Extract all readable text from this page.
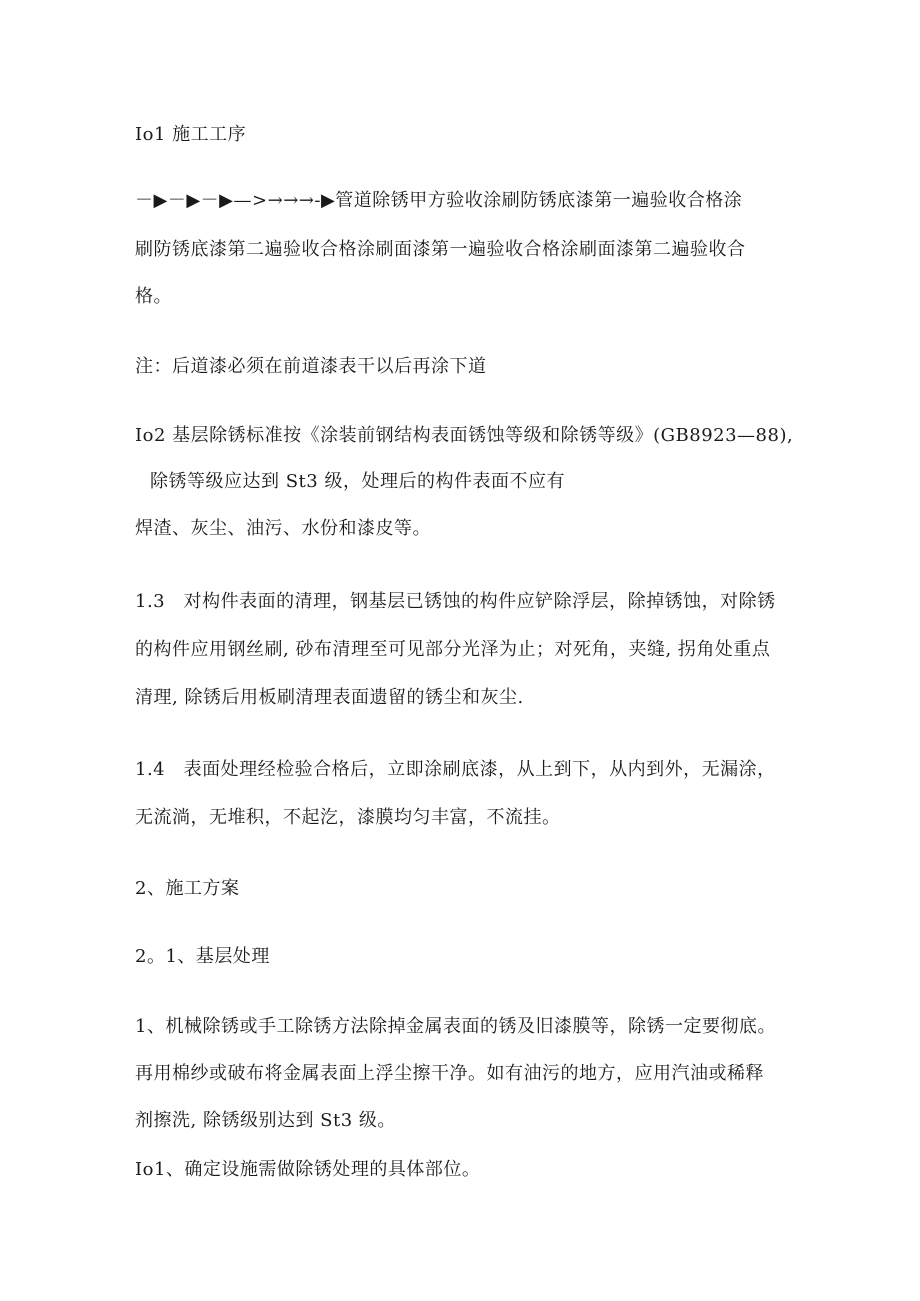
Io1 施工工序
－▶－▶－▶—>→→→-▶管道除锈甲方验收涂刷防锈底漆第一遍验收合格涂
刷防锈底漆第二遍验收合格涂刷面漆第一遍验收合格涂刷面漆第二遍验收合
格。
注：后道漆必须在前道漆表干以后再涂下道
Io2 基层除锈标准按《涂装前钢结构表面锈蚀等级和除锈等级》(GB8923—88),
除锈等级应达到 St3 级，处理后的构件表面不应有
焊渣、灰尘、油污、水份和漆皮等。
1.3　对构件表面的清理，钢基层已锈蚀的构件应铲除浮层，除掉锈蚀，对除锈
的构件应用钢丝刷, 砂布清理至可见部分光泽为止；对死角，夹缝, 拐角处重点
清理, 除锈后用板刷清理表面遗留的锈尘和灰尘.
1.4　表面处理经检验合格后，立即涂刷底漆，从上到下，从内到外，无漏涂，
无流淌，无堆积，不起汔，漆膜均匀丰富，不流挂。
2、施工方案
2。1、基层处理
1、机械除锈或手工除锈方法除掉金属表面的锈及旧漆膜等，除锈一定要彻底。
再用棉纱或破布将金属表面上浮尘擦干净。如有油污的地方，应用汽油或稀释
剂擦洗, 除锈级别达到 St3 级。
Io1、确定设施需做除锈处理的具体部位。
